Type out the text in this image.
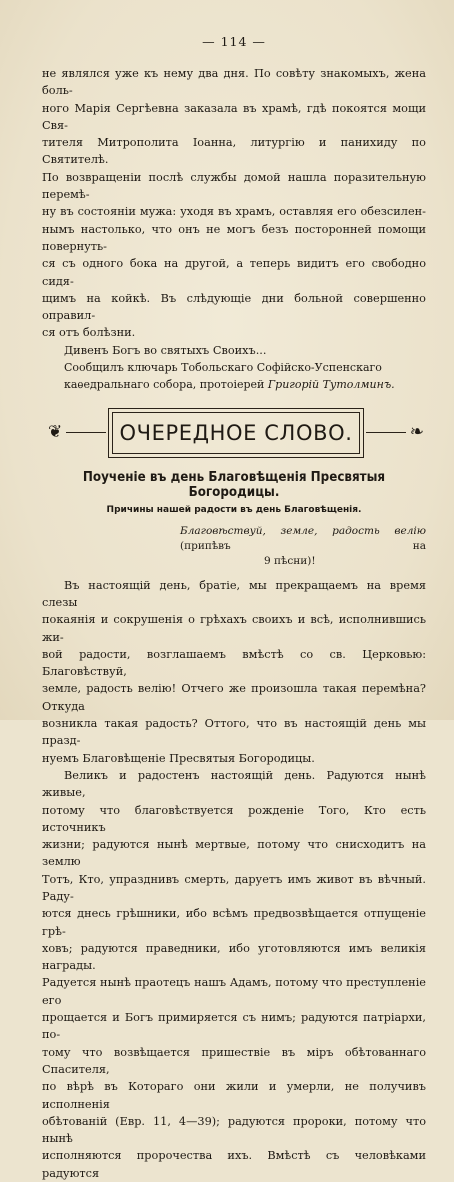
— 114 —

не являлся уже къ нему два дня. По совѣту знакомыхъ, жена боль-

ного Марія Сергѣевна заказала въ храмѣ, гдѣ покоятся мощи Свя-

тителя Митрополита Іоанна, литургію и панихиду по Святителѣ.

По возвращеніи послѣ службы домой нашла поразительную перемѣ-

ну въ состояніи мужа: уходя въ храмъ, оставляя его обезсилен-

нымъ настолько, что онъ не могъ безъ посторонней помощи повернуть-

ся съ одного бока на другой, а теперь видитъ его свободно сидя-

щимъ на койкѣ. Въ слѣдующіе дни больной совершенно оправил-

ся отъ болѣзни.

Дивенъ Богъ во святыхъ Своихъ...

Сообщилъ ключарь Тобольскаго Софійско-Успенскаго

каѳедральнаго собора, протоіерей Григорій Тутолминъ.

❦	ОЧЕРЕДНОЕ СЛОВО.	❧
Поученіе въ день Благовѣщенія Пресвятыя Богородицы.
Причины нашей радости въ день Благовѣщенія.

Благовѣствуй, земле, радость велію (припѣвъ на

9 пѣсни)!

Въ настоящій день, братіе, мы прекращаемъ на время слезы

покаянія и сокрушенія о грѣхахъ своихъ и всѣ, исполнившись жи-

вой радости, возглашаемъ вмѣстѣ со св. Церковью: Благовѣствуй,

земле, радость велію! Отчего же произошла такая перемѣна? Откуда

возникла такая радость? Оттого, что въ настоящій день мы празд-

нуемъ Благовѣщеніе Пресвятыя Богородицы.

Великъ и радостенъ настоящій день. Радуются нынѣ живые,

потому что благовѣствуется рожденіе Того, Кто есть источникъ

жизни; радуются нынѣ мертвые, потому что снисходитъ на землю

Тотъ, Кто, упразднивъ смерть, даруетъ имъ живот въ вѣчный. Раду-

ются днесь грѣшники, ибо всѣмъ предвозвѣщается отпущеніе грѣ-

ховъ; радуются праведники, ибо уготовляются имъ великія награды.

Радуется нынѣ праотецъ нашъ Адамъ, потому что преступленіе его

прощается и Богъ примиряется съ нимъ; радуются патріархи, по-

тому что возвѣщается пришествіе въ міръ обѣтованнаго Спасителя,

по вѣрѣ въ Котораго они жили и умерли, не получивъ исполненія

обѣтованій (Евр. 11, 4—39); радуются пророки, потому что нынѣ

исполняются пророчества ихъ. Вмѣстѣ съ человѣками радуются
